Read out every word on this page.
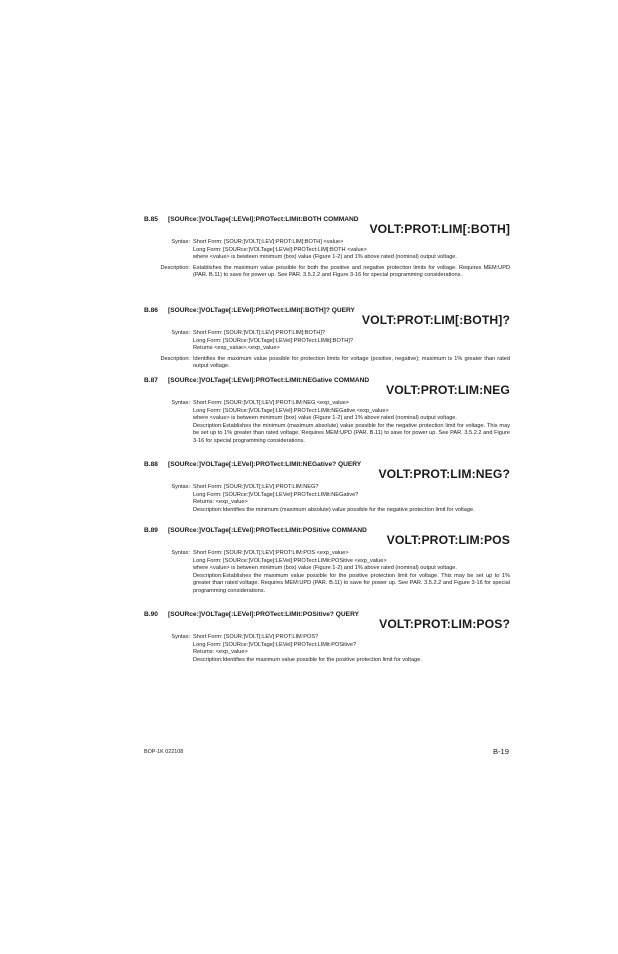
B.85 [SOURce:]VOLTage[:LEVel]:PROTect:LIMit:BOTH COMMAND
VOLT:PROT:LIM[:BOTH]
Syntax: Short Form: [SOUR:]VOLT[:LEV]:PROT:LIM[:BOTH] <value>
Long Form: [SOURce:]VOLTage[:LEVel]:PROTect:LIM[:BOTH <value>
where <value> is bewteen minimum (box) value (Figure 1-2) and 1% above rated (nominal) output voltage.
Description: Establishes the maximum value possible for both the positive and negative protection limits for voltage. Requires MEM:UPD (PAR. B.11) to save for power up. See PAR. 3.5.2.2 and Figure 3-16 for special programming considerations.
B.86 [SOURce:]VOLTage[:LEVel]:PROTect:LIMit[:BOTH]? QUERY
VOLT:PROT:LIM[:BOTH]?
Syntax: Short Form: [SOUR:]VOLT[:LEV]:PROT:LIM[:BOTH]?
Long Form: [SOURce:]VOLTage[:LEVel]:PROTect:LIMit[:BOTH]?
Returns <exp_value>,<exp_value>
Description: Identifies the maximum value possible for protection limits for voltage (positive, negative); maximum is 1% greater than rated output voltage.
B.87 [SOURce:]VOLTage[:LEVel]:PROTect:LIMit:NEGative COMMAND
VOLT:PROT:LIM:NEG
Syntax: Short Form: [SOUR:]VOLT[:LEV]:PROT:LIM:NEG <exp_value>
Long Form: [SOURce:]VOLTage[:LEVel]:PROTect:LIMit:NEGative <exp_value>
where <value> is between minimum (box) value (Figure 1-2) and 1% above rated (nominal) output voltage.
Description:Establishes the minimum (maximum absolute) value possible for the negative protection limit for voltage. This may be set up to 1% greater than rated voltage. Requires MEM:UPD (PAR. B.11) to save for power up. See PAR. 3.5.2.2 and Figure 3-16 for special programming considerations.
B.88 [SOURce:]VOLTage[:LEVel]:PROTect:LIMit:NEGative? QUERY
VOLT:PROT:LIM:NEG?
Syntax: Short Form: [SOUR:]VOLT[:LEV]:PROT:LIM:NEG?
Long Form: [SOURce:]VOLTage[:LEVel]:PROTect:LIMit:NEGative?
Returns: <exp_value>
Description:Identifies the minimum (maximum absolute) value possible for the negative protection limit for voltage.
B.89 [SOURce:]VOLTage[:LEVel]:PROTect:LIMit:POSitive COMMAND
VOLT:PROT:LIM:POS
Syntax: Short Form: [SOUR:]VOLT[:LEV]:PROT:LIM:POS <exp_value>
Long Form: [SOURce:]VOLTage[:LEVel]:PROTect:LIMit:POSitive <exp_value>
where <value> is between minimum (box) value (Figure 1-2) and 1% above rated (nominal) output voltage.
Description:Establishes the maximum value possible for the positive protection limit for voltage. This may be set up to 1% greater than rated voltage. Requires MEM:UPD (PAR. B.11) to save for power up. See PAR. 3.5.2.2 and Figure 3-16 for special programming considerations.
B.90 [SOURce:]VOLTage[:LEVel]:PROTect:LIMit:POSitive? QUERY
VOLT:PROT:LIM:POS?
Syntax: Short Form: [SOUR:]VOLT[:LEV]:PROT:LIM:POS?
Long Form: [SOURce:]VOLTage[:LEVel]:PROTect:LIMit:POSitive?
Returns: <exp_value>
Description:Identifies the maximum value possible for the positive protection limit for voltage.
BOP-1K 022108	B-19
